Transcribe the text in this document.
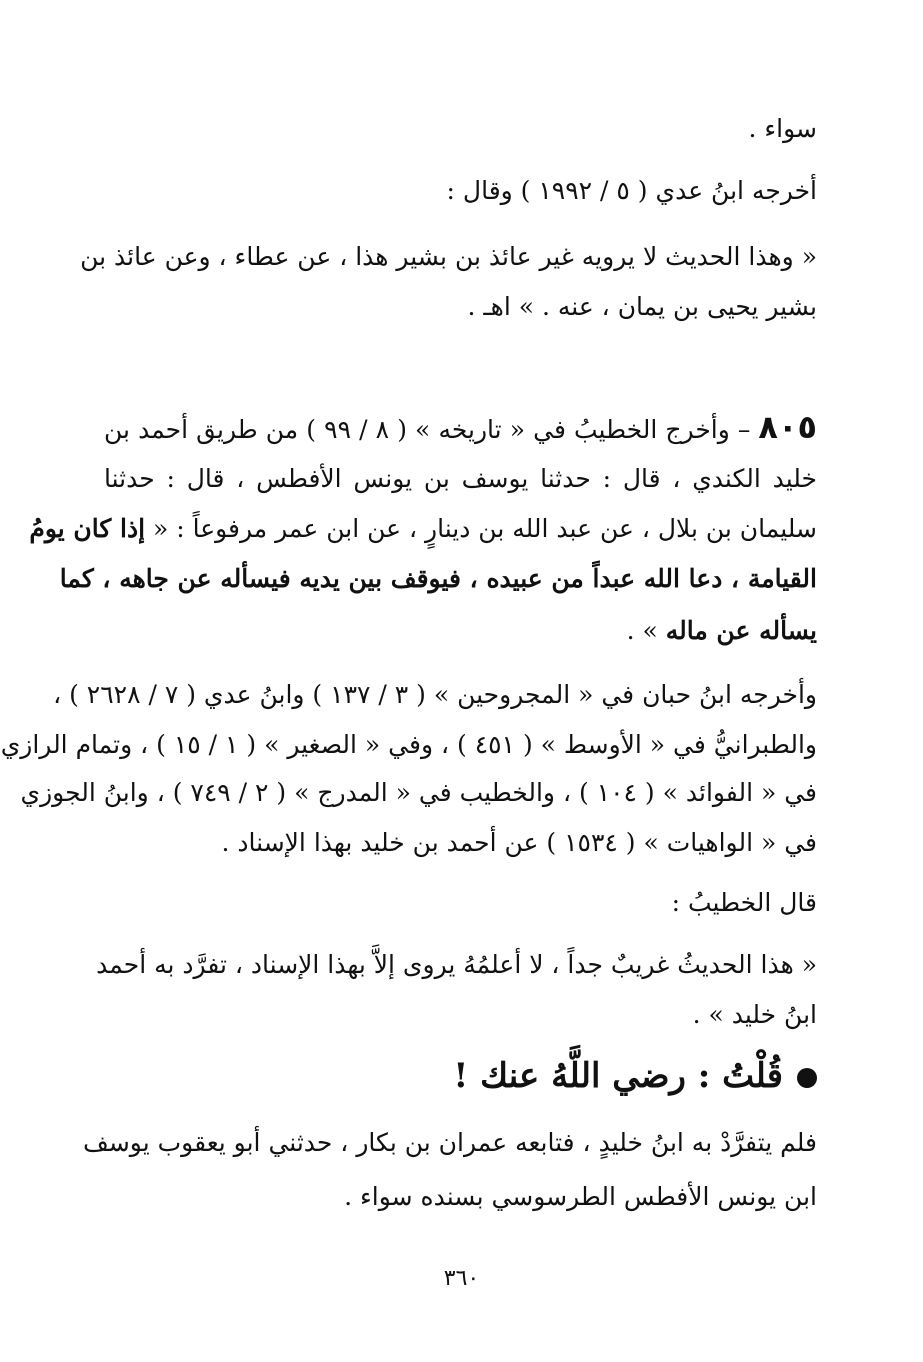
سواء .
أخرجه ابنُ عدي ( ٥ / ١٩٩٢ ) وقال :
« وهذا الحديث لا يرويه غير عائذ بن بشير هذا ، عن عطاء ، وعن عائذ بن
بشير يحيى بن يمان ، عنه . » اهـ .
٨٠٥– وأخرج الخطيبُ في « تاريخه » ( ٨ / ٩٩ ) من طريق أحمد بن
خليد الكندي ، قال : حدثنا يوسف بن يونس الأفطس ، قال : حدثنا
سليمان بن بلال ، عن عبد الله بن دينارٍ ، عن ابن عمر مرفوعاً : « إذا كان يومُ
القيامة ، دعا الله عبداً من عبيده ، فيوقف بين يديه فيسأله عن جاهه ، كما
يسأله عن ماله » .
وأخرجه ابنُ حبان في « المجروحين » ( ٣ / ١٣٧ ) وابنُ عدي ( ٧ / ٢٦٢٨ ) ،
والطبرانيُّ في « الأوسط » ( ٤٥١ ) ، وفي « الصغير » ( ١ / ١٥ ) ، وتمام الرازي
في « الفوائد » ( ١٠٤ ) ، والخطيب في « المدرج » ( ٢ / ٧٤٩ ) ، وابنُ الجوزي
في « الواهيات » ( ١٥٣٤ ) عن أحمد بن خليد بهذا الإسناد .
قال الخطيبُ :
« هذا الحديثُ غريبٌ جداً ، لا أعلمُهُ يروى إلاَّ بهذا الإسناد ، تفرَّد به أحمد
ابنُ خليد » .
قُلْتُ : رضي اللَّهُ عنك !
فلم يتفرَّدْ به ابنُ خليدٍ ، فتابعه عمران بن بكار ، حدثني أبو يعقوب يوسف
ابن يونس الأفطس الطرسوسي بسنده سواء .
٣٦٠
